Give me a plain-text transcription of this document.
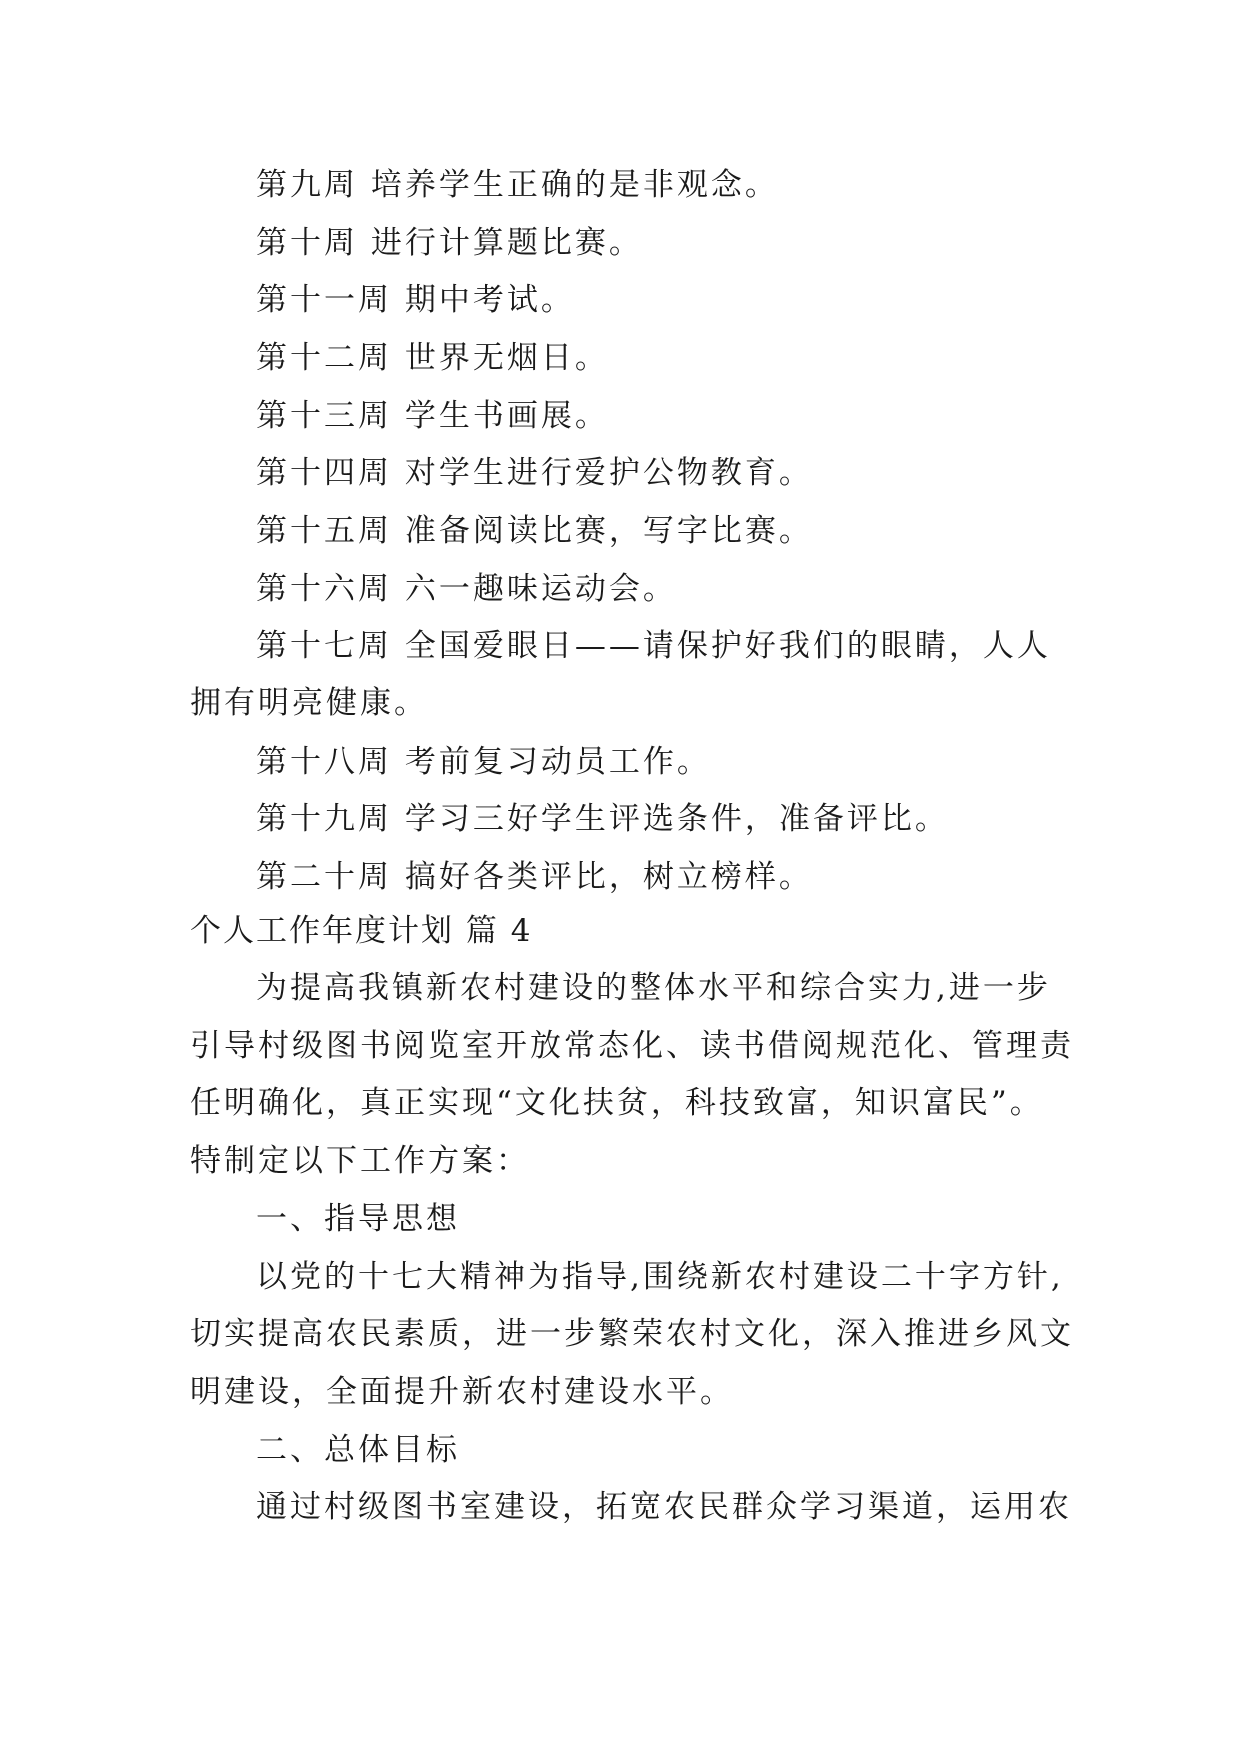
第九周 培养学生正确的是非观念。
第十周 进行计算题比赛。
第十一周 期中考试。
第十二周 世界无烟日。
第十三周 学生书画展。
第十四周 对学生进行爱护公物教育。
第十五周 准备阅读比赛，写字比赛。
第十六周 六一趣味运动会。
第十七周 全国爱眼日——请保护好我们的眼睛，人人
拥有明亮健康。
第十八周 考前复习动员工作。
第十九周 学习三好学生评选条件，准备评比。
第二十周 搞好各类评比，树立榜样。
个人工作年度计划 篇 4
为提高我镇新农村建设的整体水平和综合实力,进一步
引导村级图书阅览室开放常态化、读书借阅规范化、管理责
任明确化，真正实现“文化扶贫，科技致富，知识富民”。
特制定以下工作方案：
一、指导思想
以党的十七大精神为指导,围绕新农村建设二十字方针,
切实提高农民素质，进一步繁荣农村文化，深入推进乡风文
明建设，全面提升新农村建设水平。
二、总体目标
通过村级图书室建设，拓宽农民群众学习渠道，运用农
